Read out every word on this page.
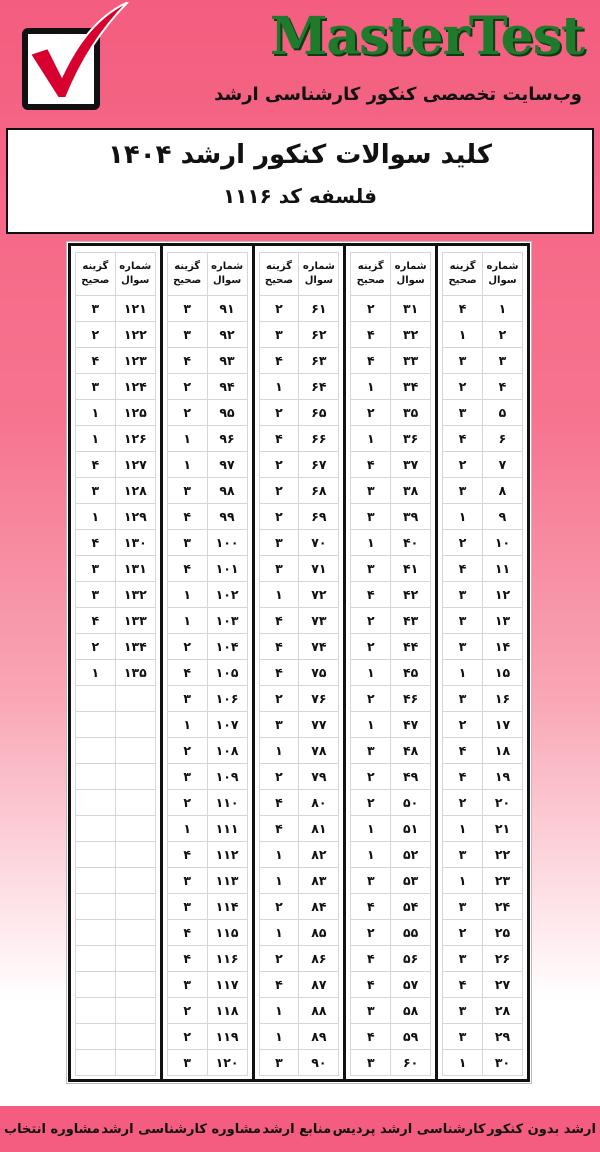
MasterTest
وب‌سایت تخصصی کنکور کارشناسی ارشد
کلید سوالات کنکور ارشد ۱۴۰۴
فلسفه کد ۱۱۱۶
شماره سوال	گزینه صحیح
۱	۴
۲	۱
۳	۳
۴	۲
۵	۳
۶	۴
۷	۲
۸	۳
۹	۱
۱۰	۲
۱۱	۴
۱۲	۳
۱۳	۳
۱۴	۳
۱۵	۱
۱۶	۳
۱۷	۲
۱۸	۴
۱۹	۴
۲۰	۲
۲۱	۱
۲۲	۳
۲۳	۱
۲۴	۳
۲۵	۲
۲۶	۳
۲۷	۴
۲۸	۳
۲۹	۳
۳۰	۱
شماره سوال	گزینه صحیح
۳۱	۲
۳۲	۴
۳۳	۴
۳۴	۱
۳۵	۲
۳۶	۱
۳۷	۴
۳۸	۳
۳۹	۳
۴۰	۱
۴۱	۳
۴۲	۴
۴۳	۲
۴۴	۲
۴۵	۱
۴۶	۲
۴۷	۱
۴۸	۳
۴۹	۲
۵۰	۲
۵۱	۱
۵۲	۱
۵۳	۳
۵۴	۴
۵۵	۲
۵۶	۴
۵۷	۴
۵۸	۳
۵۹	۴
۶۰	۳
شماره سوال	گزینه صحیح
۶۱	۲
۶۲	۳
۶۳	۴
۶۴	۱
۶۵	۲
۶۶	۴
۶۷	۲
۶۸	۲
۶۹	۲
۷۰	۳
۷۱	۳
۷۲	۱
۷۳	۴
۷۴	۴
۷۵	۴
۷۶	۲
۷۷	۳
۷۸	۱
۷۹	۲
۸۰	۴
۸۱	۴
۸۲	۱
۸۳	۱
۸۴	۲
۸۵	۱
۸۶	۲
۸۷	۴
۸۸	۱
۸۹	۱
۹۰	۳
شماره سوال	گزینه صحیح
۹۱	۳
۹۲	۳
۹۳	۴
۹۴	۲
۹۵	۲
۹۶	۱
۹۷	۱
۹۸	۳
۹۹	۴
۱۰۰	۳
۱۰۱	۴
۱۰۲	۱
۱۰۳	۱
۱۰۴	۲
۱۰۵	۴
۱۰۶	۳
۱۰۷	۱
۱۰۸	۲
۱۰۹	۳
۱۱۰	۲
۱۱۱	۱
۱۱۲	۴
۱۱۳	۳
۱۱۴	۳
۱۱۵	۴
۱۱۶	۴
۱۱۷	۳
۱۱۸	۲
۱۱۹	۲
۱۲۰	۳
شماره سوال	گزینه صحیح
۱۲۱	۳
۱۲۲	۲
۱۲۳	۴
۱۲۴	۳
۱۲۵	۱
۱۲۶	۱
۱۲۷	۴
۱۲۸	۳
۱۲۹	۱
۱۳۰	۴
۱۳۱	۳
۱۳۲	۳
۱۳۳	۴
۱۳۴	۲
۱۳۵	۱

ارشد بدون کنکور
کارشناسی ارشد پردیس
منابع ارشد
مشاوره کارشناسی ارشد
مشاوره انتخاب
